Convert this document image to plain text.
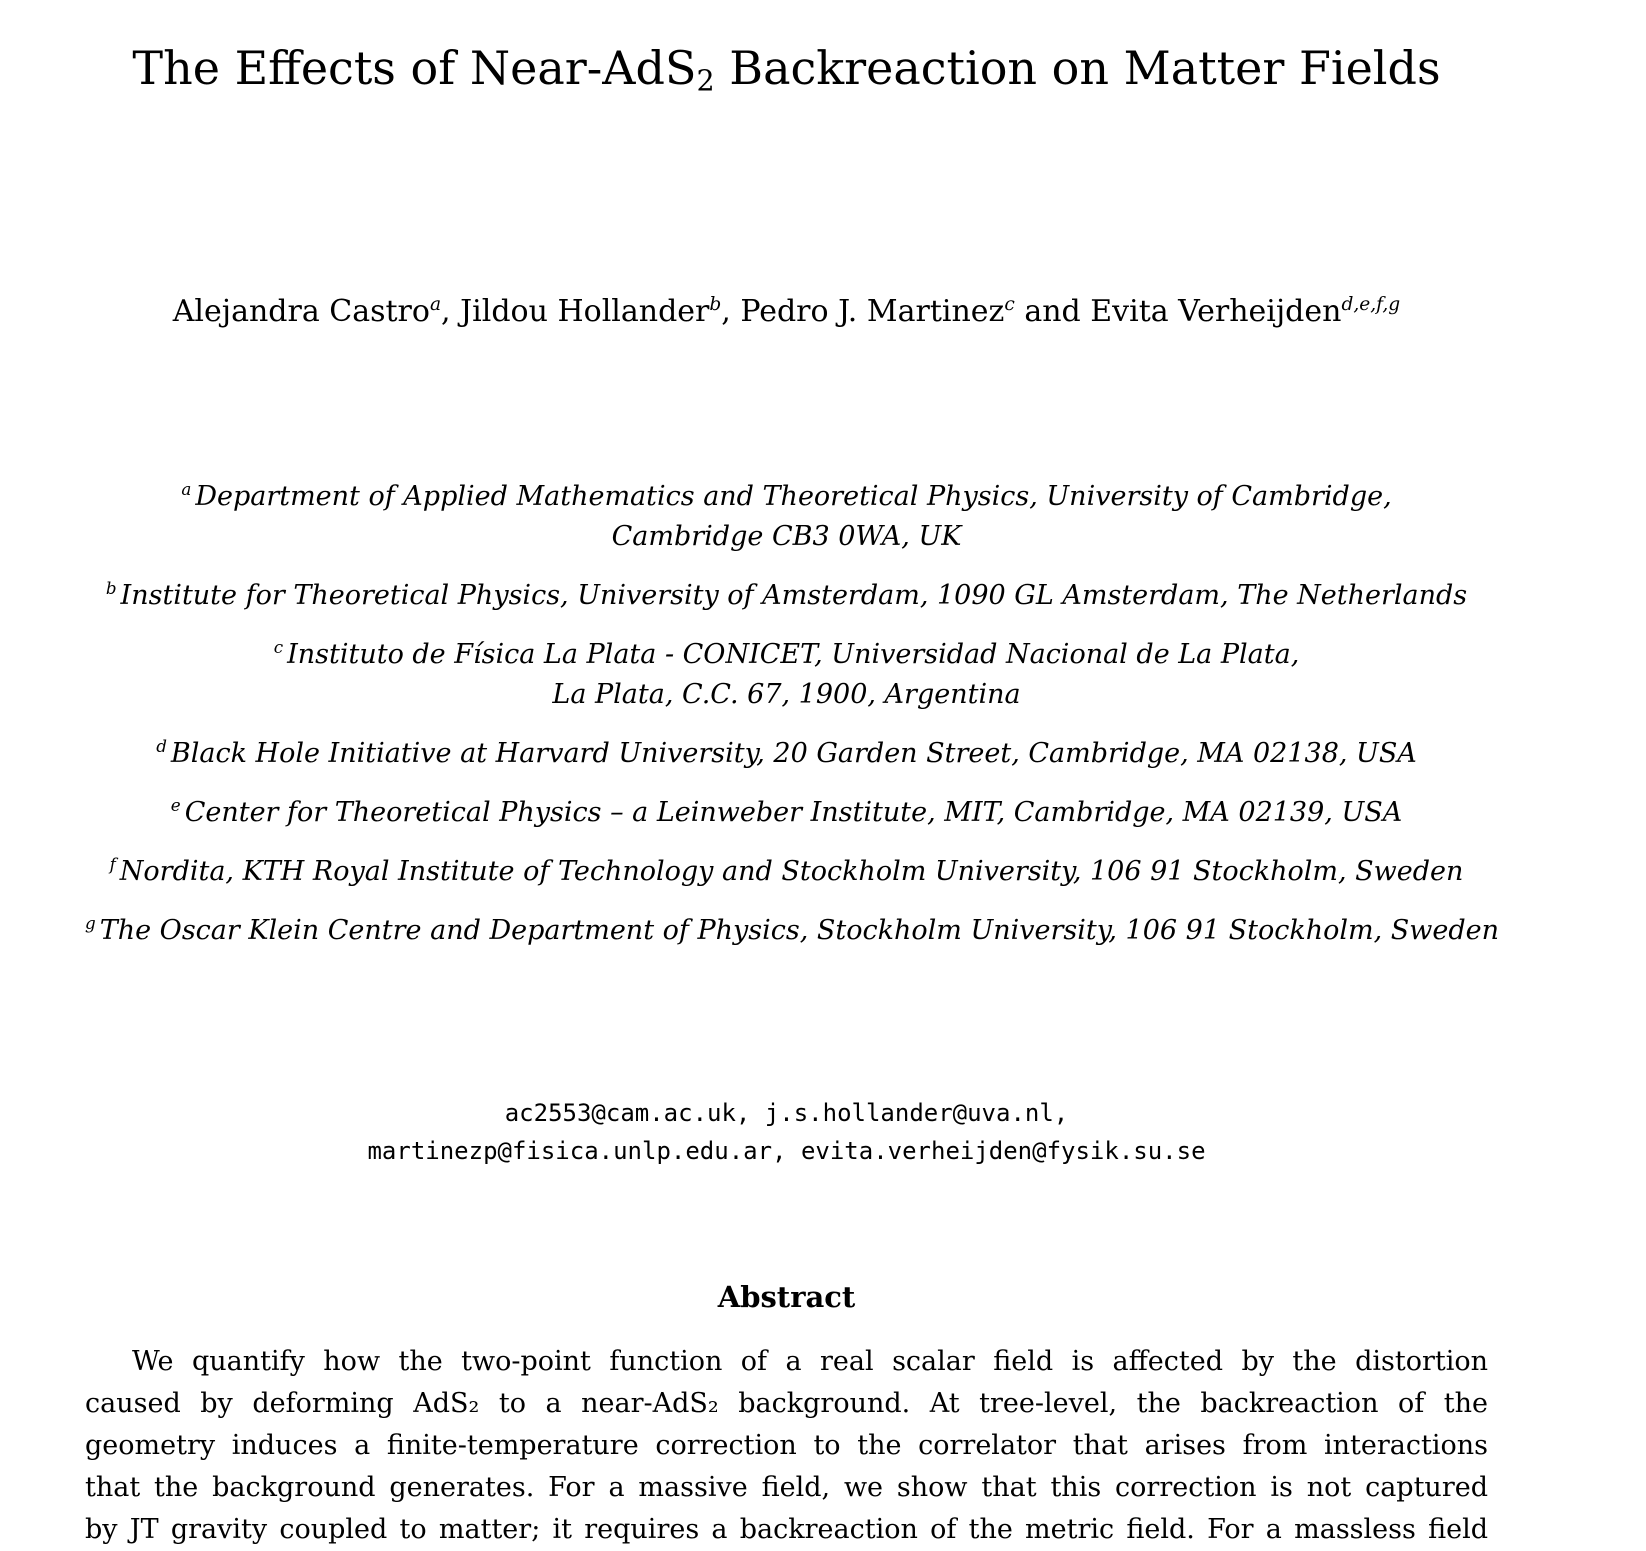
The Effects of Near-AdS2 Backreaction on Matter Fields
Alejandra Castro$^a$, Jildou Hollander$^b$, Pedro J. Martinez$^c$ and Evita Verheijden$^{d,e,f,g}$
$^a$ Department of Applied Mathematics and Theoretical Physics, University of Cambridge,
Cambridge CB3 0WA, UK
$^b$ Institute for Theoretical Physics, University of Amsterdam, 1090 GL Amsterdam, The Netherlands
$^c$ Instituto de Física La Plata - CONICET, Universidad Nacional de La Plata,
La Plata, C.C. 67, 1900, Argentina
$^d$ Black Hole Initiative at Harvard University, 20 Garden Street, Cambridge, MA 02138, USA
$^e$ Center for Theoretical Physics – a Leinweber Institute, MIT, Cambridge, MA 02139, USA
$^f$ Nordita, KTH Royal Institute of Technology and Stockholm University, 106 91 Stockholm, Sweden
$^g$ The Oscar Klein Centre and Department of Physics, Stockholm University, 106 91 Stockholm, Sweden
ac2553@cam.ac.uk, j.s.hollander@uva.nl,
martinezp@fisica.unlp.edu.ar, evita.verheijden@fysik.su.se
Abstract
We quantify how the two-point function of a real scalar field is affected by the distortion
caused by deforming AdS₂ to a near-AdS₂ background. At tree-level, the backreaction of the
geometry induces a finite-temperature correction to the correlator that arises from interactions
that the background generates. For a massive field, we show that this correction is not captured
by JT gravity coupled to matter; it requires a backreaction of the metric field. For a massless field
